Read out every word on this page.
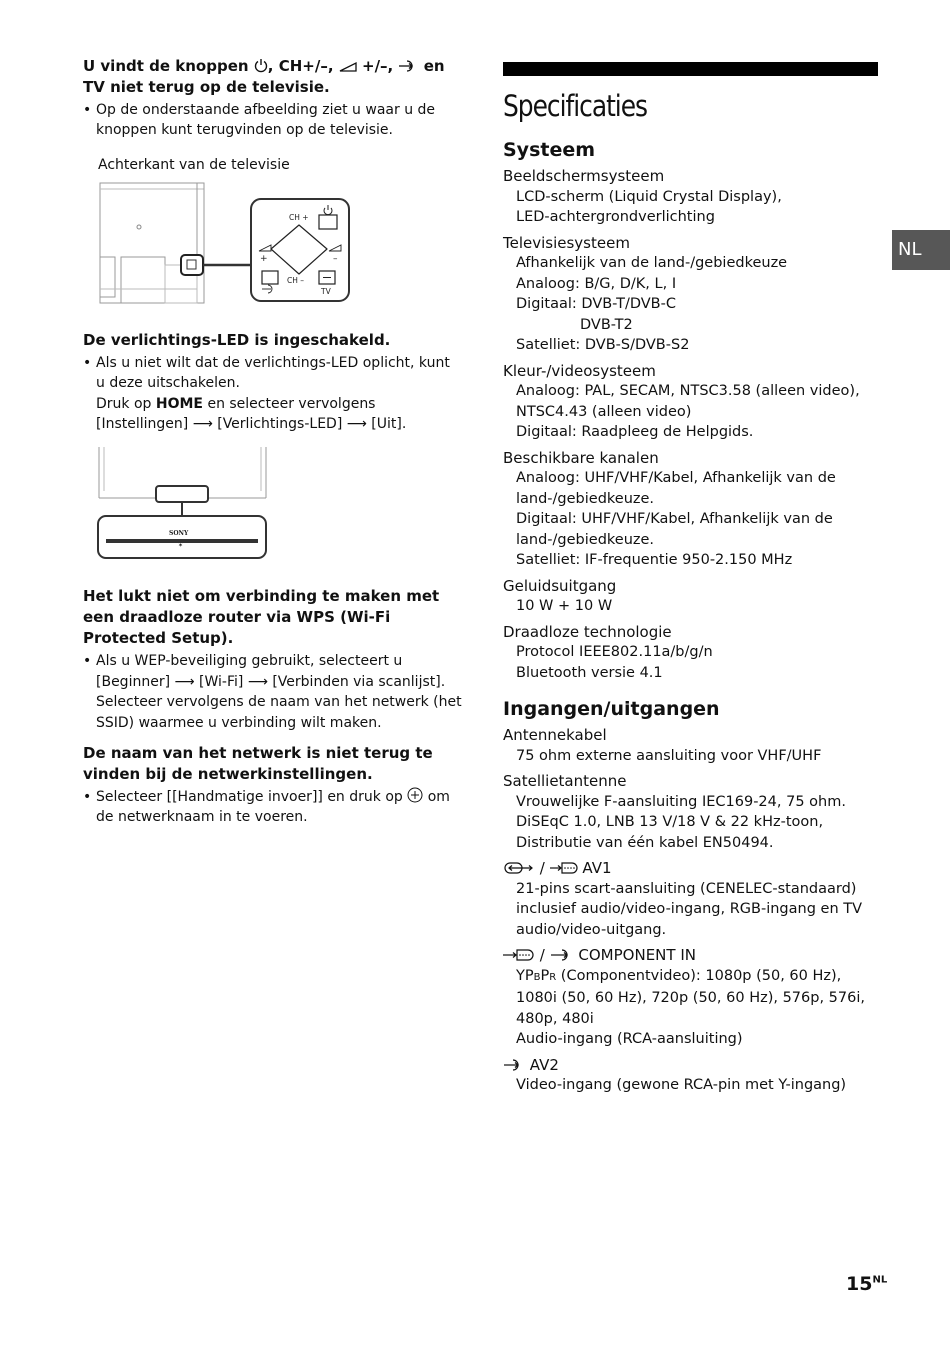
U vindt de knoppen , CH+/–, +/–, en
TV niet terug op de televisie.

• Op de onderstaande afbeelding ziet u waar u de knoppen kunt terugvinden op de televisie.

Achterkant van de televisie

CH +
+	–
CH –
TV

De verlichtings-LED is ingeschakeld.

• Als u niet wilt dat de verlichtings-LED oplicht, kunt u deze uitschakelen.
Druk op HOME en selecteer vervolgens [Instellingen] ⟶ [Verlichtings-LED] ⟶ [Uit].

SONY
✶

Het lukt niet om verbinding te maken met een draadloze router via WPS (Wi-Fi Protected Setup).

• Als u WEP-beveiliging gebruikt, selecteert u [Beginner] ⟶ [Wi-Fi] ⟶ [Verbinden via scanlijst]. Selecteer vervolgens de naam van het netwerk (het SSID) waarmee u verbinding wilt maken.

De naam van het netwerk is niet terug te vinden bij de netwerkinstellingen.

• Selecteer [[Handmatige invoer]] en druk op om de netwerknaam in te voeren.

Specificaties
Systeem

Beeldschermsysteem

LCD-scherm (Liquid Crystal Display),

LED-achtergrondverlichting

Televisiesysteem

Afhankelijk van de land-/gebiedkeuze

Analoog: B/G, D/K, L, I

Digitaal: DVB-T/DVB-C

DVB-T2

Satelliet: DVB-S/DVB-S2

Kleur-/videosysteem

Analoog: PAL, SECAM, NTSC3.58 (alleen video), NTSC4.43 (alleen video)

Digitaal: Raadpleeg de Helpgids.

Beschikbare kanalen

Analoog: UHF/VHF/Kabel, Afhankelijk van de land-/gebiedkeuze.

Digitaal: UHF/VHF/Kabel, Afhankelijk van de land-/gebiedkeuze.

Satelliet: IF-frequentie 950-2.150 MHz

Geluidsuitgang

10 W + 10 W

Draadloze technologie

Protocol IEEE802.11a/b/g/n

Bluetooth versie 4.1

Ingangen/uitgangen

Antennekabel

75 ohm externe aansluiting voor VHF/UHF

Satellietantenne

Vrouwelijke F-aansluiting IEC169-24, 75 ohm.

DiSEqC 1.0, LNB 13 V/18 V & 22 kHz-toon,

Distributie van één kabel EN50494.

/	AV1

21-pins scart-aansluiting (CENELEC-standaard) inclusief audio/video-ingang, RGB-ingang en TV audio/video-uitgang.

/ COMPONENT IN

YPBPR (Componentvideo): 1080p (50, 60 Hz), 1080i (50, 60 Hz), 720p (50, 60 Hz), 576p, 576i, 480p, 480i

Audio-ingang (RCA-aansluiting)

AV2

Video-ingang (gewone RCA-pin met Y-ingang)

NL
$15^{NL}$
